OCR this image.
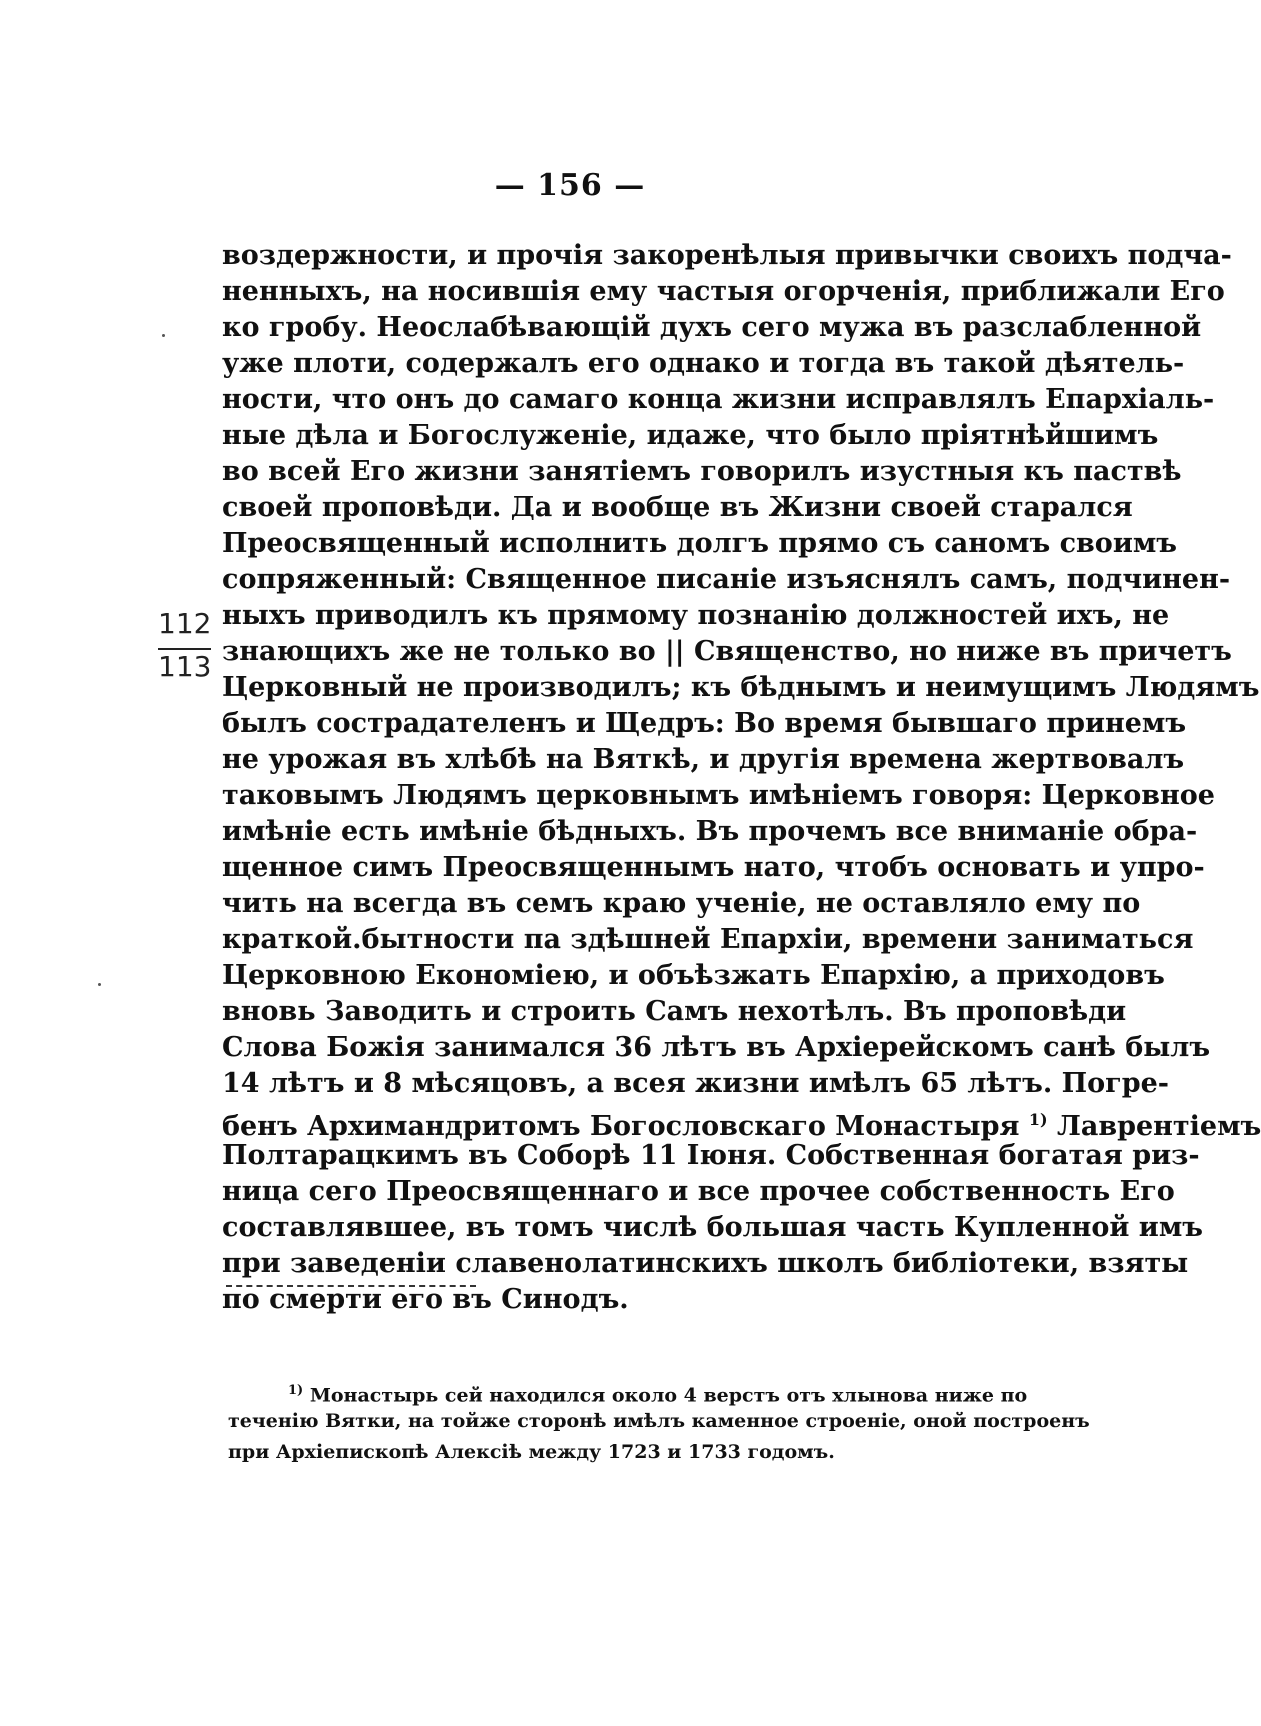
— 156 —
112
113
воздержности, и прочія закоренѣлыя привычки своихъ подча-
ненныхъ, на носившія ему частыя огорченія, приближали Его
ко гробу. Неослабѣвающій духъ сего мужа въ разслабленной
уже плоти, содержалъ его однако и тогда въ такой дѣятель-
ности, что онъ до самаго конца жизни исправлялъ Епархіаль-
ные дѣла и Богослуженіе, идаже, что было пріятнѣйшимъ
во всей Его жизни занятіемъ говорилъ изустныя къ паствѣ
своей проповѣди. Да и вообще въ Жизни своей старался
Преосвященный исполнить долгъ прямо съ саномъ своимъ
сопряженный: Священное писаніе изъяснялъ самъ, подчинен-
ныхъ приводилъ къ прямому познанію должностей ихъ, не
знающихъ же не только во || Священство, но ниже въ причетъ
Церковный не производилъ; къ бѣднымъ и неимущимъ Людямъ
былъ сострадателенъ и Щедръ: Во время бывшаго принемъ
не урожая въ хлѣбѣ на Вяткѣ, и другія времена жертвовалъ
таковымъ Людямъ церковнымъ имѣніемъ говоря: Церковное
имѣніе есть имѣніе бѣдныхъ. Въ прочемъ все вниманіе обра-
щенное симъ Преосвященнымъ нато, чтобъ основать и упро-
чить на всегда въ семъ краю ученіе, не оставляло ему по
краткой.бытности па здѣшней Епархіи, времени заниматься
Церковною Економіею, и объѣзжать Епархію, а приходовъ
вновь Заводить и строить Самъ нехотѣлъ. Въ проповѣди
Слова Божія занимался 36 лѣтъ въ Архіерейскомъ санѣ былъ
14 лѣтъ и 8 мѣсяцовъ, а всея жизни имѣлъ 65 лѣтъ. Погре-
бенъ Архимандритомъ Богословскаго Монастыря $^{1)}$ Лаврентіемъ
Полтарацкимъ въ Соборѣ 11 Іюня. Собственная богатая риз-
ница сего Преосвященнаго и все прочее собственность Его
составлявшее, въ томъ числѣ большая часть Купленной имъ
при заведеніи славенолатинскихъ школъ библіотеки, взяты
по смерти его въ Синодъ.
$^{1)}$ Монастырь сей находился около 4 верстъ отъ хлынова ниже по
теченію Вятки, на тойже сторонѣ имѣлъ каменное строеніе, оной построенъ
при Архіепископѣ Алексіѣ между 1723 и 1733 годомъ.
